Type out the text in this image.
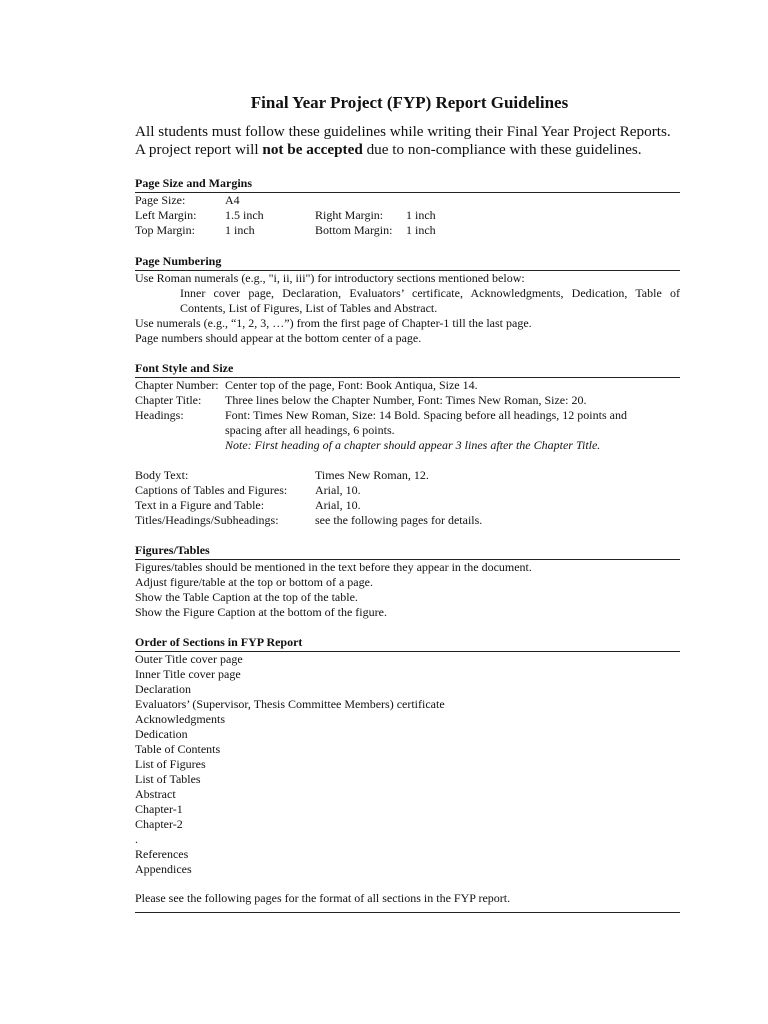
Final Year Project (FYP) Report Guidelines

All students must follow these guidelines while writing their Final Year Project Reports.

A project report will not be accepted due to non-compliance with these guidelines.

Page Size and Margins
Page Size:	A4
Left Margin:	1.5 inch	Right Margin:	1 inch
Top Margin:	1 inch	Bottom Margin:	1 inch
Page Numbering
Use Roman numerals (e.g., "i, ii, iii") for introductory sections mentioned below:
Inner cover page, Declaration, Evaluators’ certificate, Acknowledgments, Dedication, Table of Contents, List of Figures, List of Tables and Abstract.
Use numerals (e.g., “1, 2, 3, …”) from the first page of Chapter-1 till the last page.
Page numbers should appear at the bottom center of a page.
Font Style and Size
Chapter Number: Center top of the page, Font: Book Antiqua, Size 14.
Chapter Title:	Three lines below the Chapter Number, Font: Times New Roman, Size: 20.
Headings:	Font: Times New Roman, Size: 14 Bold. Spacing before all headings, 12 points and
spacing after all headings, 6 points.
Note: First heading of a chapter should appear 3 lines after the Chapter Title.
Body Text:	Times New Roman, 12.
Captions of Tables and Figures:	Arial, 10.
Text in a Figure and Table:	Arial, 10.
Titles/Headings/Subheadings:	see the following pages for details.
Figures/Tables
Figures/tables should be mentioned in the text before they appear in the document.
Adjust figure/table at the top or bottom of a page.
Show the Table Caption at the top of the table.
Show the Figure Caption at the bottom of the figure.
Order of Sections in FYP Report
Outer Title cover page
Inner Title cover page
Declaration
Evaluators’ (Supervisor, Thesis Committee Members) certificate
Acknowledgments
Dedication
Table of Contents
List of Figures
List of Tables
Abstract
Chapter-1
Chapter-2
.
References
Appendices
Please see the following pages for the format of all sections in the FYP report.
